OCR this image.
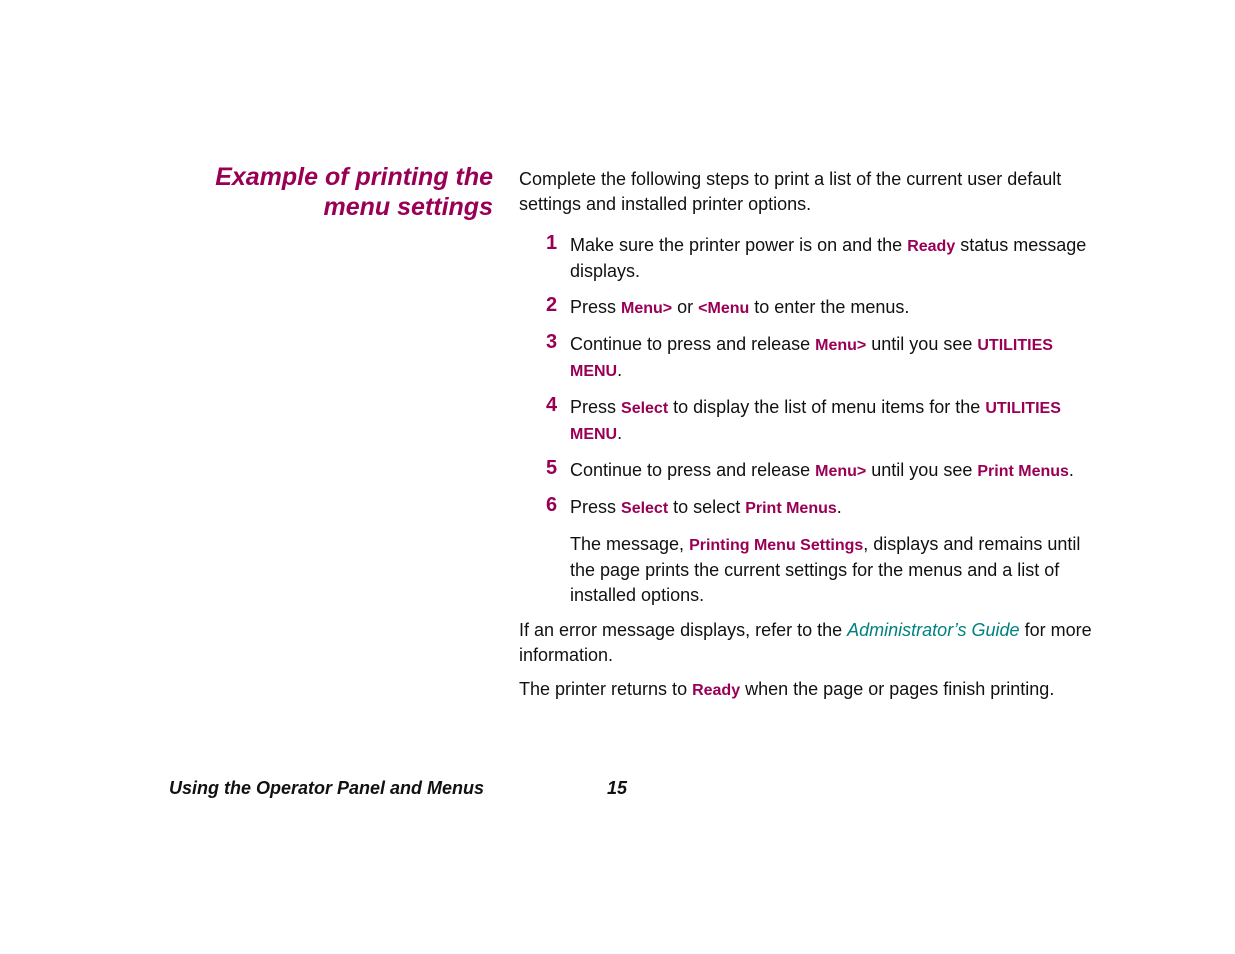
Example of printing the
menu settings

Complete the following steps to print a list of the current user default settings and installed printer options.

1 Make sure the printer power is on and the Ready status message displays.
2 Press Menu> or <Menu to enter the menus.
3 Continue to press and release Menu> until you see UTILITIES MENU.
4 Press Select to display the list of menu items for the UTILITIES MENU.
5 Continue to press and release Menu> until you see Print Menus.
6 Press Select to select Print Menus.

The message, Printing Menu Settings, displays and remains until the page prints the current settings for the menus and a list of installed options.

If an error message displays, refer to the Administrator’s Guide for more information.

The printer returns to Ready when the page or pages finish printing.

Using the Operator Panel and Menus	15
